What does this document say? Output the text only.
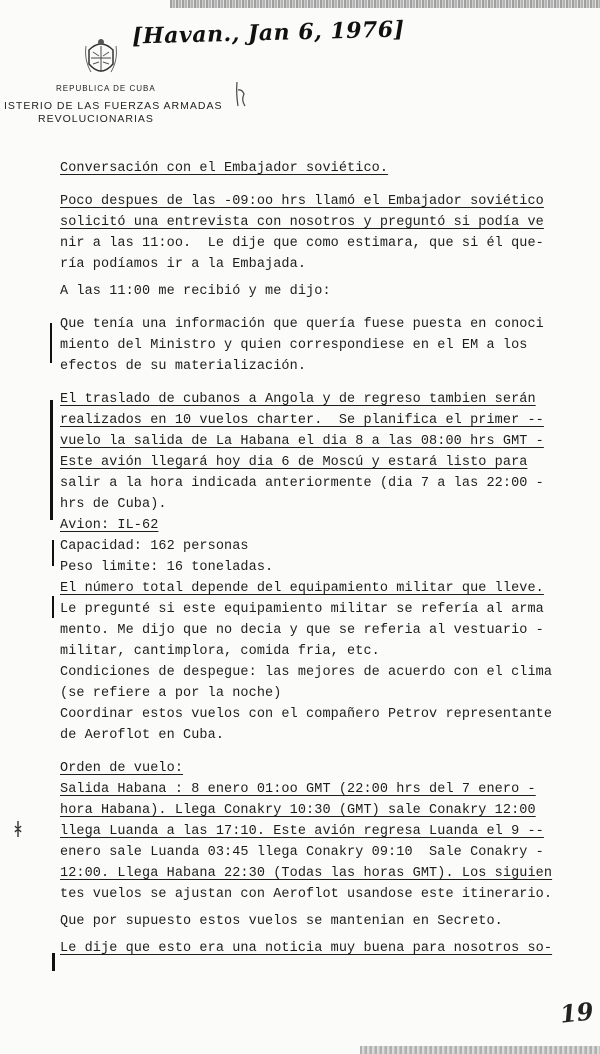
[Havan., Jan 6, 1976]
REPUBLICA DE CUBA
ISTERIO DE LAS FUERZAS ARMADAS
REVOLUCIONARIAS
Conversación con el Embajador soviético.
Poco despues de las -09:oo hrs llamó el Embajador soviético
solicitó una entrevista con nosotros y preguntó si podía ve
nir a las 11:oo.  Le dije que como estimara, que si él que-
ría podíamos ir a la Embajada.
A las 11:00 me recibió y me dijo:
Que tenía una información que quería fuese puesta en conoci
miento del Ministro y quien correspondiese en el EM a los
efectos de su materialización.
El traslado de cubanos a Angola y de regreso tambien serán
realizados en 10 vuelos charter.  Se planifica el primer --
vuelo la salida de La Habana el dia 8 a las 08:00 hrs GMT -
Este avión llegará hoy dia 6 de Moscú y estará listo para
salir a la hora indicada anteriormente (dia 7 a las 22:00 -
hrs de Cuba).
Avion: IL-62
Capacidad: 162 personas
Peso limite: 16 toneladas.
El número total depende del equipamiento militar que lleve.
Le pregunté si este equipamiento militar se refería al arma
mento. Me dijo que no decia y que se referia al vestuario -
militar, cantimplora, comida fria, etc.
Condiciones de despegue: las mejores de acuerdo con el clima
(se refiere a por la noche)
Coordinar estos vuelos con el compañero Petrov representante
de Aeroflot en Cuba.
Orden de vuelo:
Salida Habana : 8 enero 01:oo GMT (22:00 hrs del 7 enero -
hora Habana). Llega Conakry 10:30 (GMT) sale Conakry 12:00
llega Luanda a las 17:10. Este avión regresa Luanda el 9 --
enero sale Luanda 03:45 llega Conakry 09:10  Sale Conakry -
12:00. Llega Habana 22:30 (Todas las horas GMT). Los siguien
tes vuelos se ajustan con Aeroflot usandose este itinerario.
Que por supuesto estos vuelos se mantenian en Secreto.
Le dije que esto era una noticia muy buena para nosotros so-
19
